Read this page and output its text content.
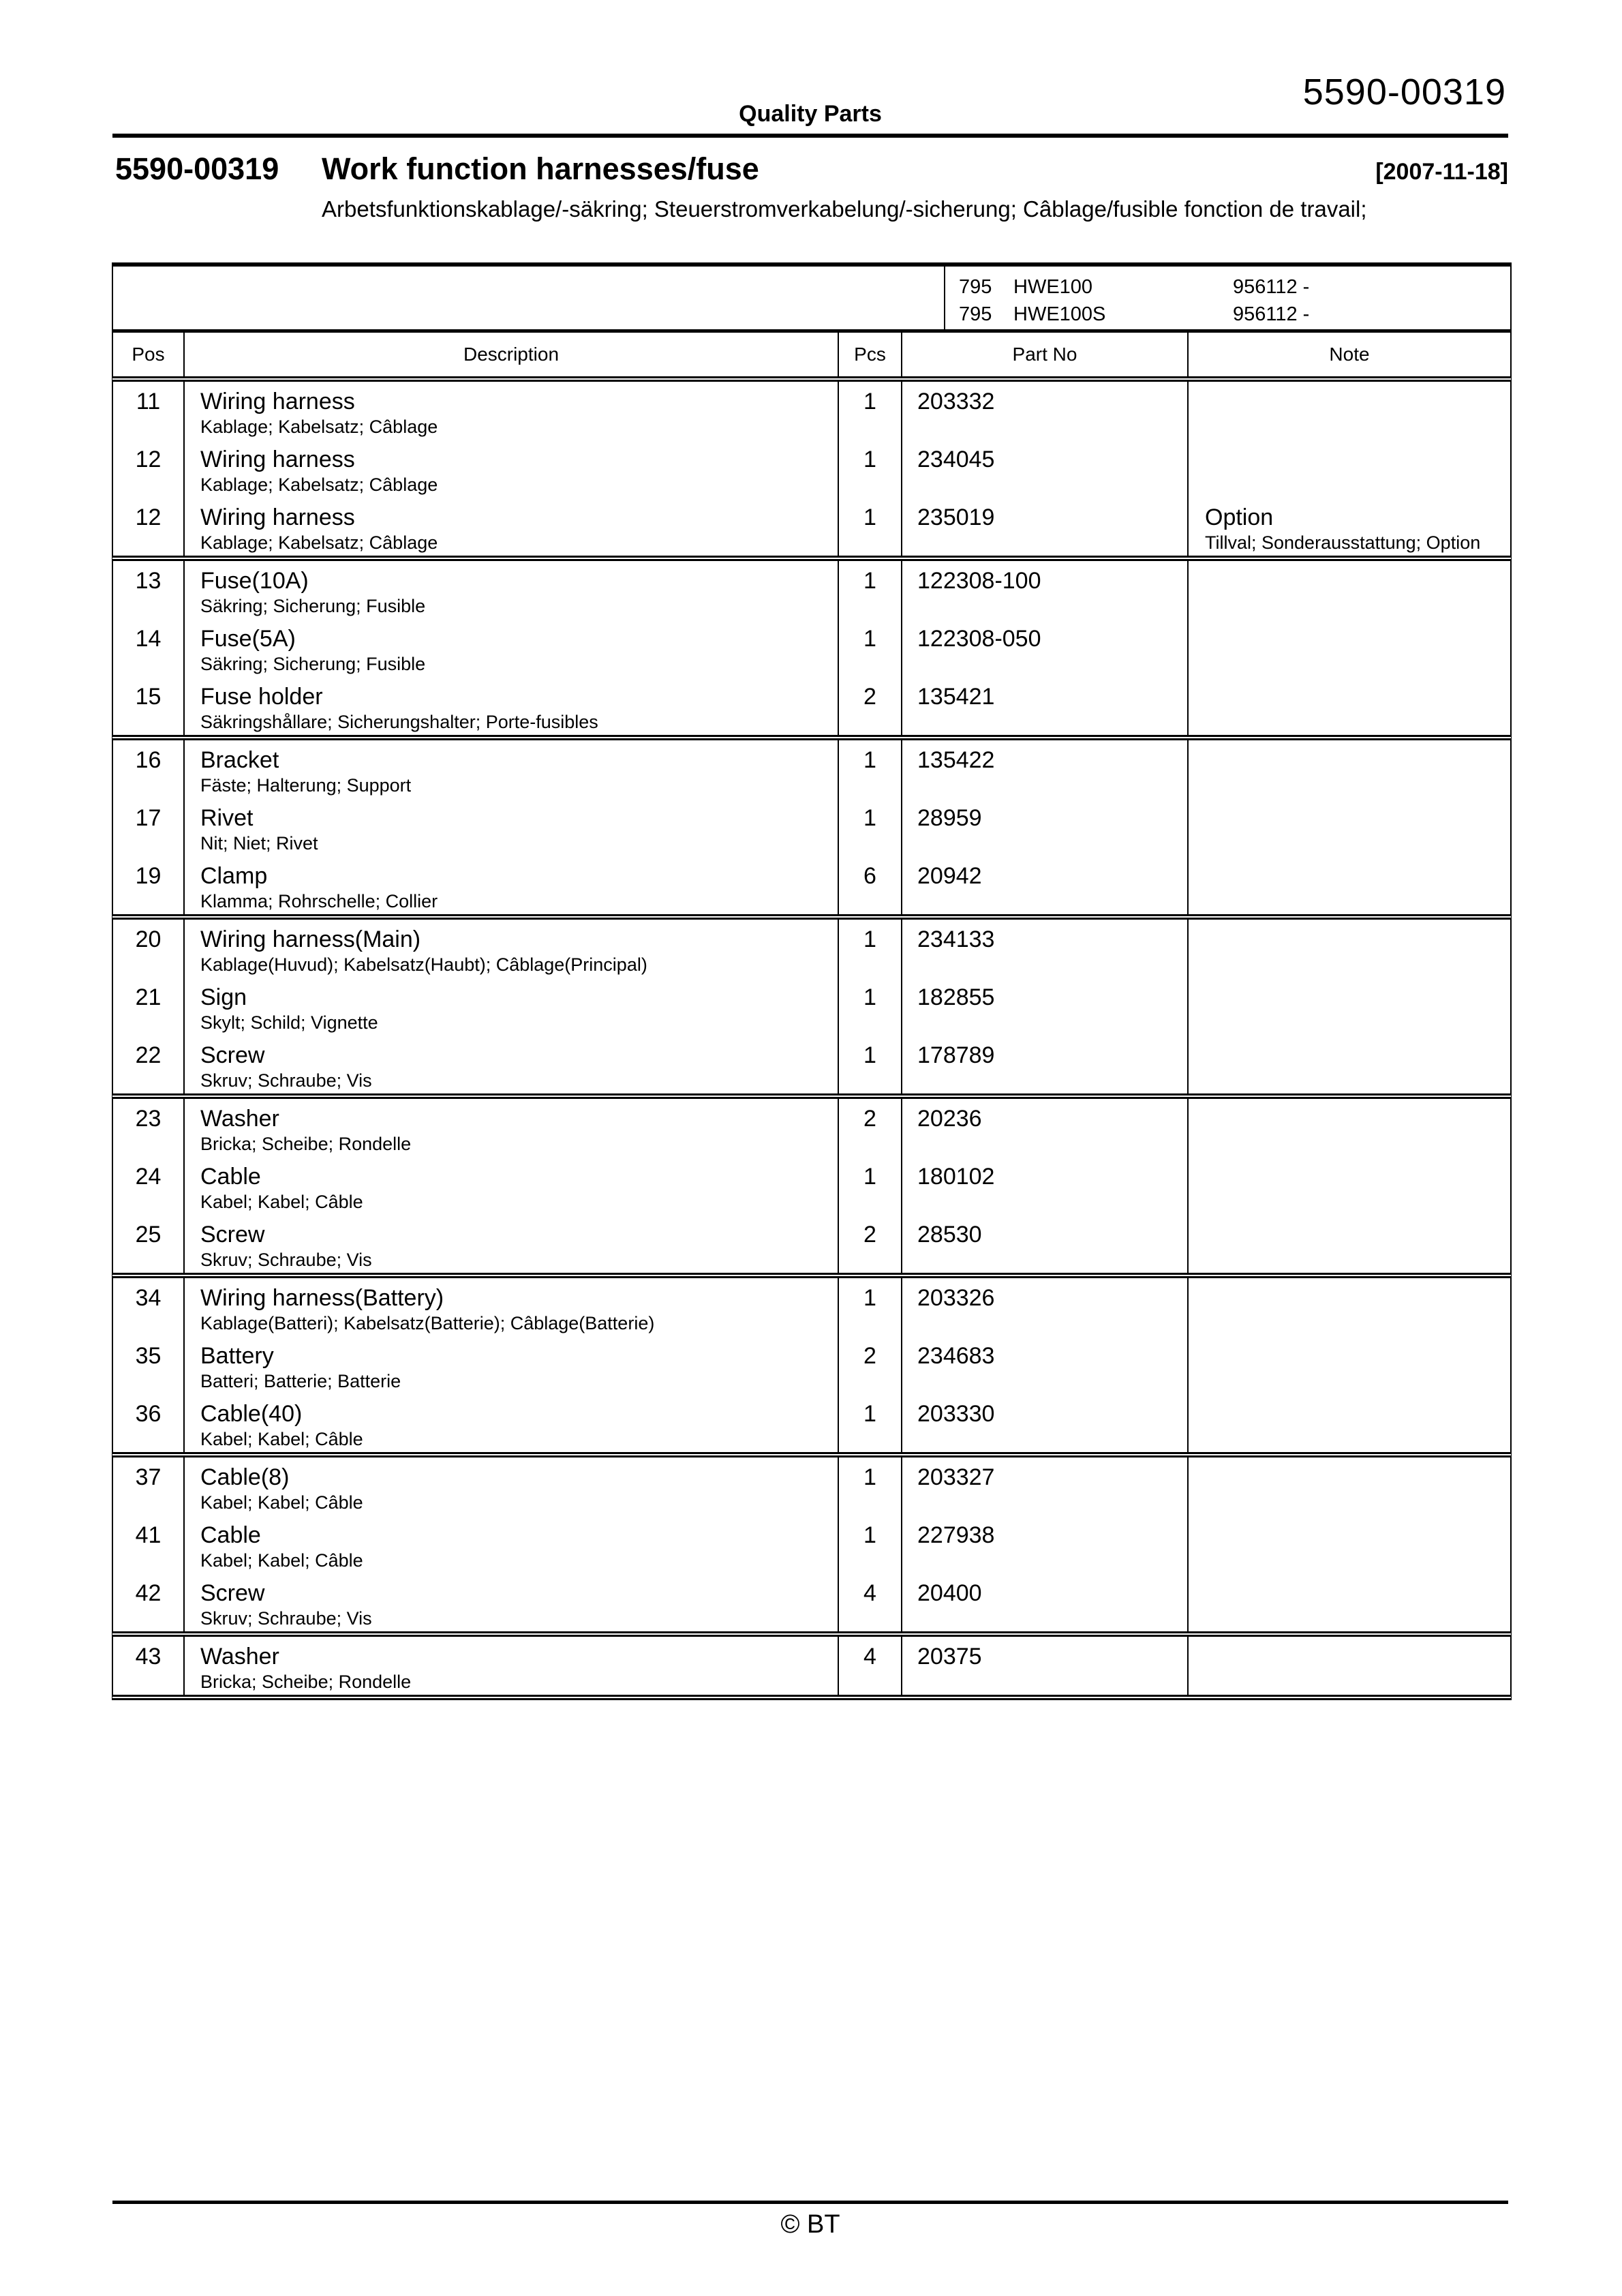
Quality Parts
5590-00319
5590-00319	Work function harnesses/fuse	[2007-11-18]
Arbetsfunktionskablage/-säkring; Steuerstromverkabelung/-sicherung; Câblage/fusible fonction de travail;
795	HWE100	956112 -
795	HWE100S	956112 -
Pos	Description	Pcs	Part No	Note
11	Wiring harness
Kablage; Kabelsatz; Câblage
1	203332
12	Wiring harness
Kablage; Kabelsatz; Câblage
1	234045
12	Wiring harness
Kablage; Kabelsatz; Câblage
1	235019	Option
Tillval; Sonderausstattung; Option
13	Fuse(10A)
Säkring; Sicherung; Fusible
1	122308-100
14	Fuse(5A)
Säkring; Sicherung; Fusible
1	122308-050
15	Fuse holder
Säkringshållare; Sicherungshalter; Porte-fusibles
2	135421
16	Bracket
Fäste; Halterung; Support
1	135422
17	Rivet
Nit; Niet; Rivet
1	28959
19	Clamp
Klamma; Rohrschelle; Collier
6	20942
20	Wiring harness(Main)
Kablage(Huvud); Kabelsatz(Haubt); Câblage(Principal)
1	234133
21	Sign
Skylt; Schild; Vignette
1	182855
22	Screw
Skruv; Schraube; Vis
1	178789
23	Washer
Bricka; Scheibe; Rondelle
2	20236
24	Cable
Kabel; Kabel; Câble
1	180102
25	Screw
Skruv; Schraube; Vis
2	28530
34	Wiring harness(Battery)
Kablage(Batteri); Kabelsatz(Batterie); Câblage(Batterie)
1	203326
35	Battery
Batteri; Batterie; Batterie
2	234683
36	Cable(40)
Kabel; Kabel; Câble
1	203330
37	Cable(8)
Kabel; Kabel; Câble
1	203327
41	Cable
Kabel; Kabel; Câble
1	227938
42	Screw
Skruv; Schraube; Vis
4	20400
43	Washer
Bricka; Scheibe; Rondelle
4	20375
© BT
